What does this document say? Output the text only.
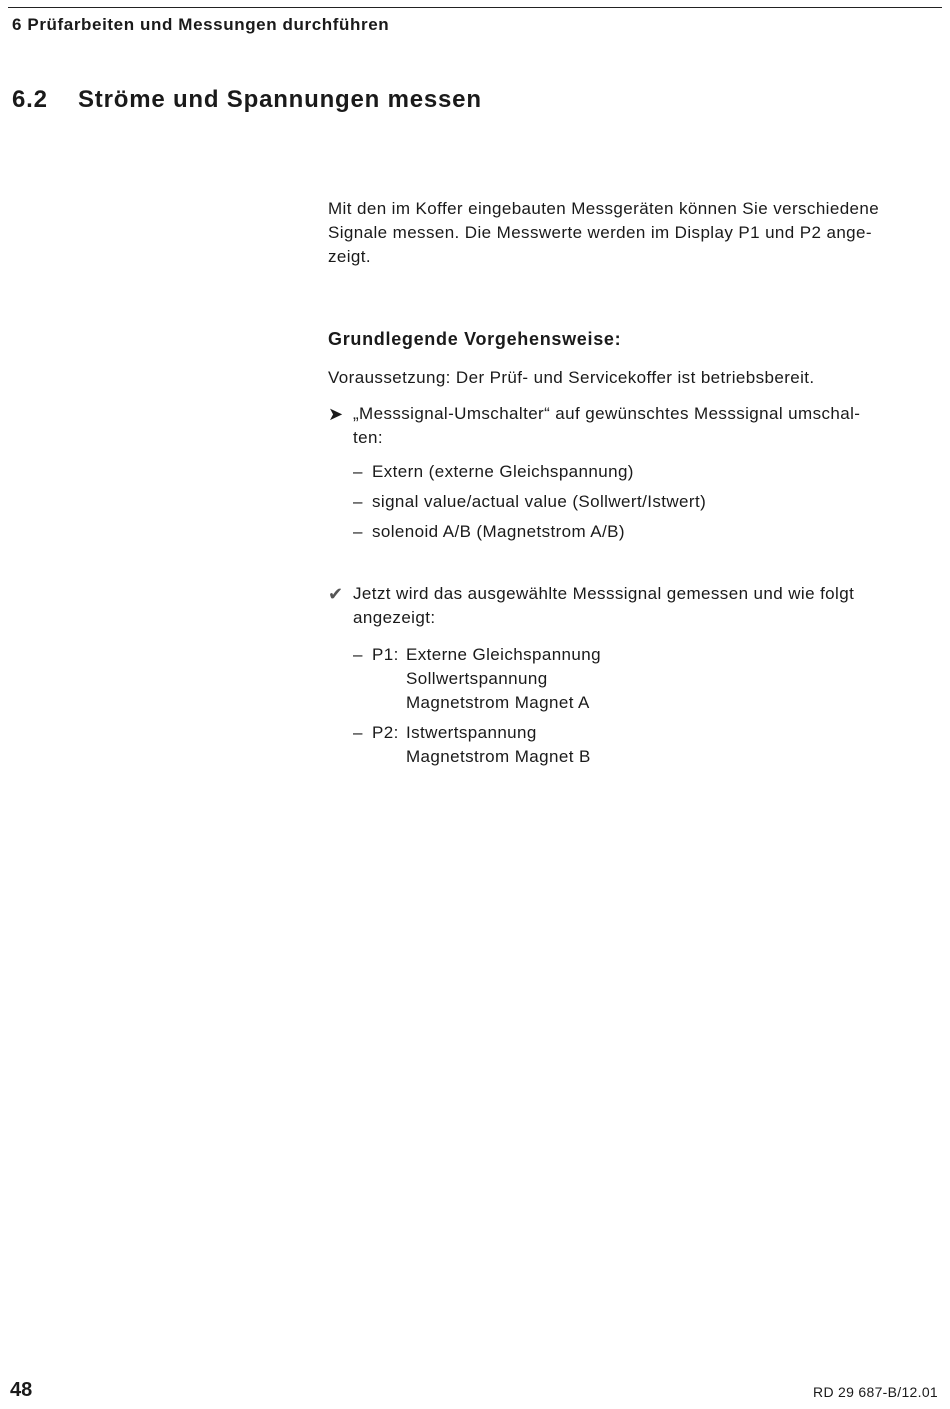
6 Prüfarbeiten und Messungen durchführen
6.2 Ströme und Spannungen messen

Mit den im Koffer eingebauten Messgeräten können Sie verschiedene
Signale messen. Die Messwerte werden im Display P1 und P2 ange-
zeigt.

Grundlegende Vorgehensweise:
Voraussetzung: Der Prüf- und Servicekoffer ist betriebsbereit.
➤ „Messsignal-Umschalter“ auf gewünschtes Messsignal umschal-
ten:
– Extern (externe Gleichspannung)
– signal value/actual value (Sollwert/Istwert)
– solenoid A/B (Magnetstrom A/B)
✔ Jetzt wird das ausgewählte Messsignal gemessen und wie folgt
angezeigt:
– P1: Externe Gleichspannung
Sollwertspannung
Magnetstrom Magnet A
– P2: Istwertspannung
Magnetstrom Magnet B
48	RD 29 687-B/12.01
